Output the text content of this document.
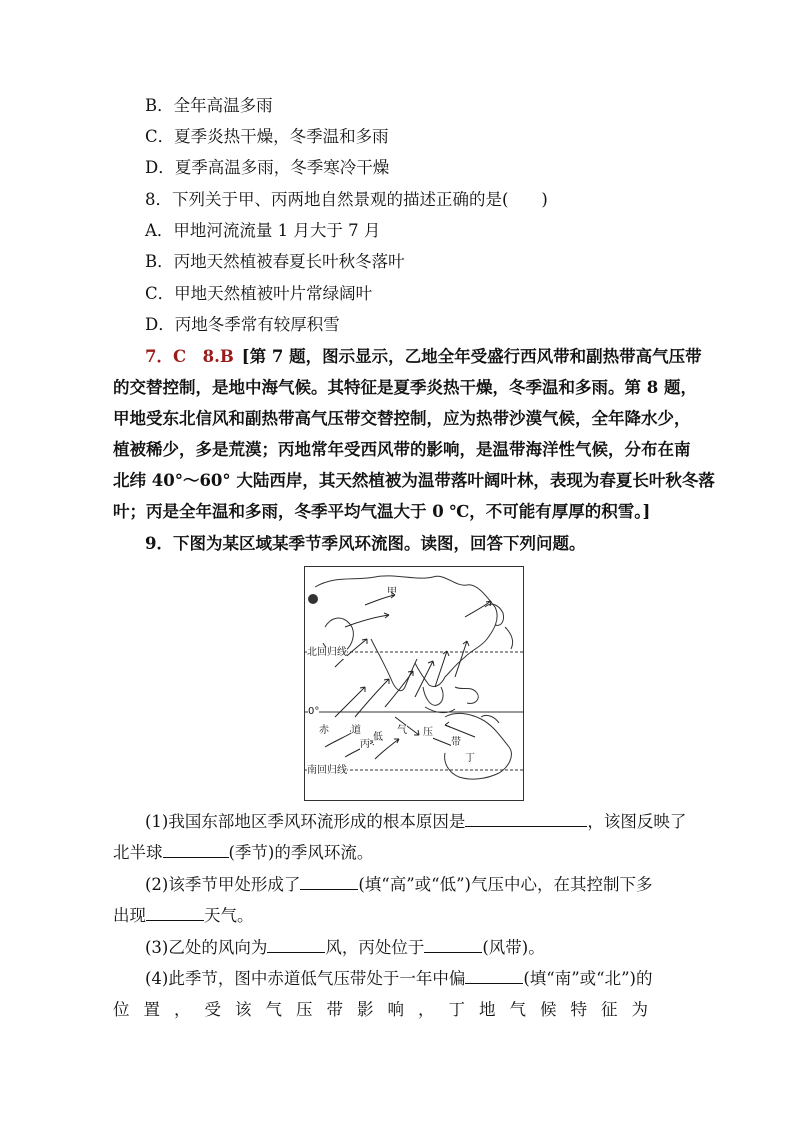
B．全年高温多雨
C．夏季炎热干燥，冬季温和多雨
D．夏季高温多雨，冬季寒冷干燥
8．下列关于甲、丙两地自然景观的描述正确的是(　　)
A．甲地河流流量 1 月大于 7 月
B．丙地天然植被春夏长叶秋冬落叶
C．甲地天然植被叶片常绿阔叶
D．丙地冬季常有较厚积雪
7．C　8.B [第 7 题，图示显示，乙地全年受盛行西风带和副热带高气压带
的交替控制，是地中海气候。其特征是夏季炎热干燥，冬季温和多雨。第 8 题，
甲地受东北信风和副热带高气压带交替控制，应为热带沙漠气候，全年降水少，
植被稀少，多是荒漠；丙地常年受西风带的影响，是温带海洋性气候，分布在南
北纬 40°～60° 大陆西岸，其天然植被为温带落叶阔叶林，表现为春夏长叶秋冬落
叶；丙是全年温和多雨，冬季平均气温大于 0 ℃，不可能有厚厚的积雪。]
9．下图为某区域某季节季风环流图。读图，回答下列问题。
甲
北回归线
0°
赤 道
丙
低
气 压
带
丁
南回归线
(1)我国东部地区季风环流形成的根本原因是	，该图反映了
北半球	(季节)的季风环流。
(2)该季节甲处形成了	(填“高”或“低”)气压中心，在其控制下多
出现	天气。
(3)乙处的风向为	风，丙处位于	(风带)。
(4)此季节，图中赤道低气压带处于一年中偏	(填“南”或“北”)的
位 置 ， 受 该 气 压 带 影 响 ， 丁 地 气 候 特 征 为
